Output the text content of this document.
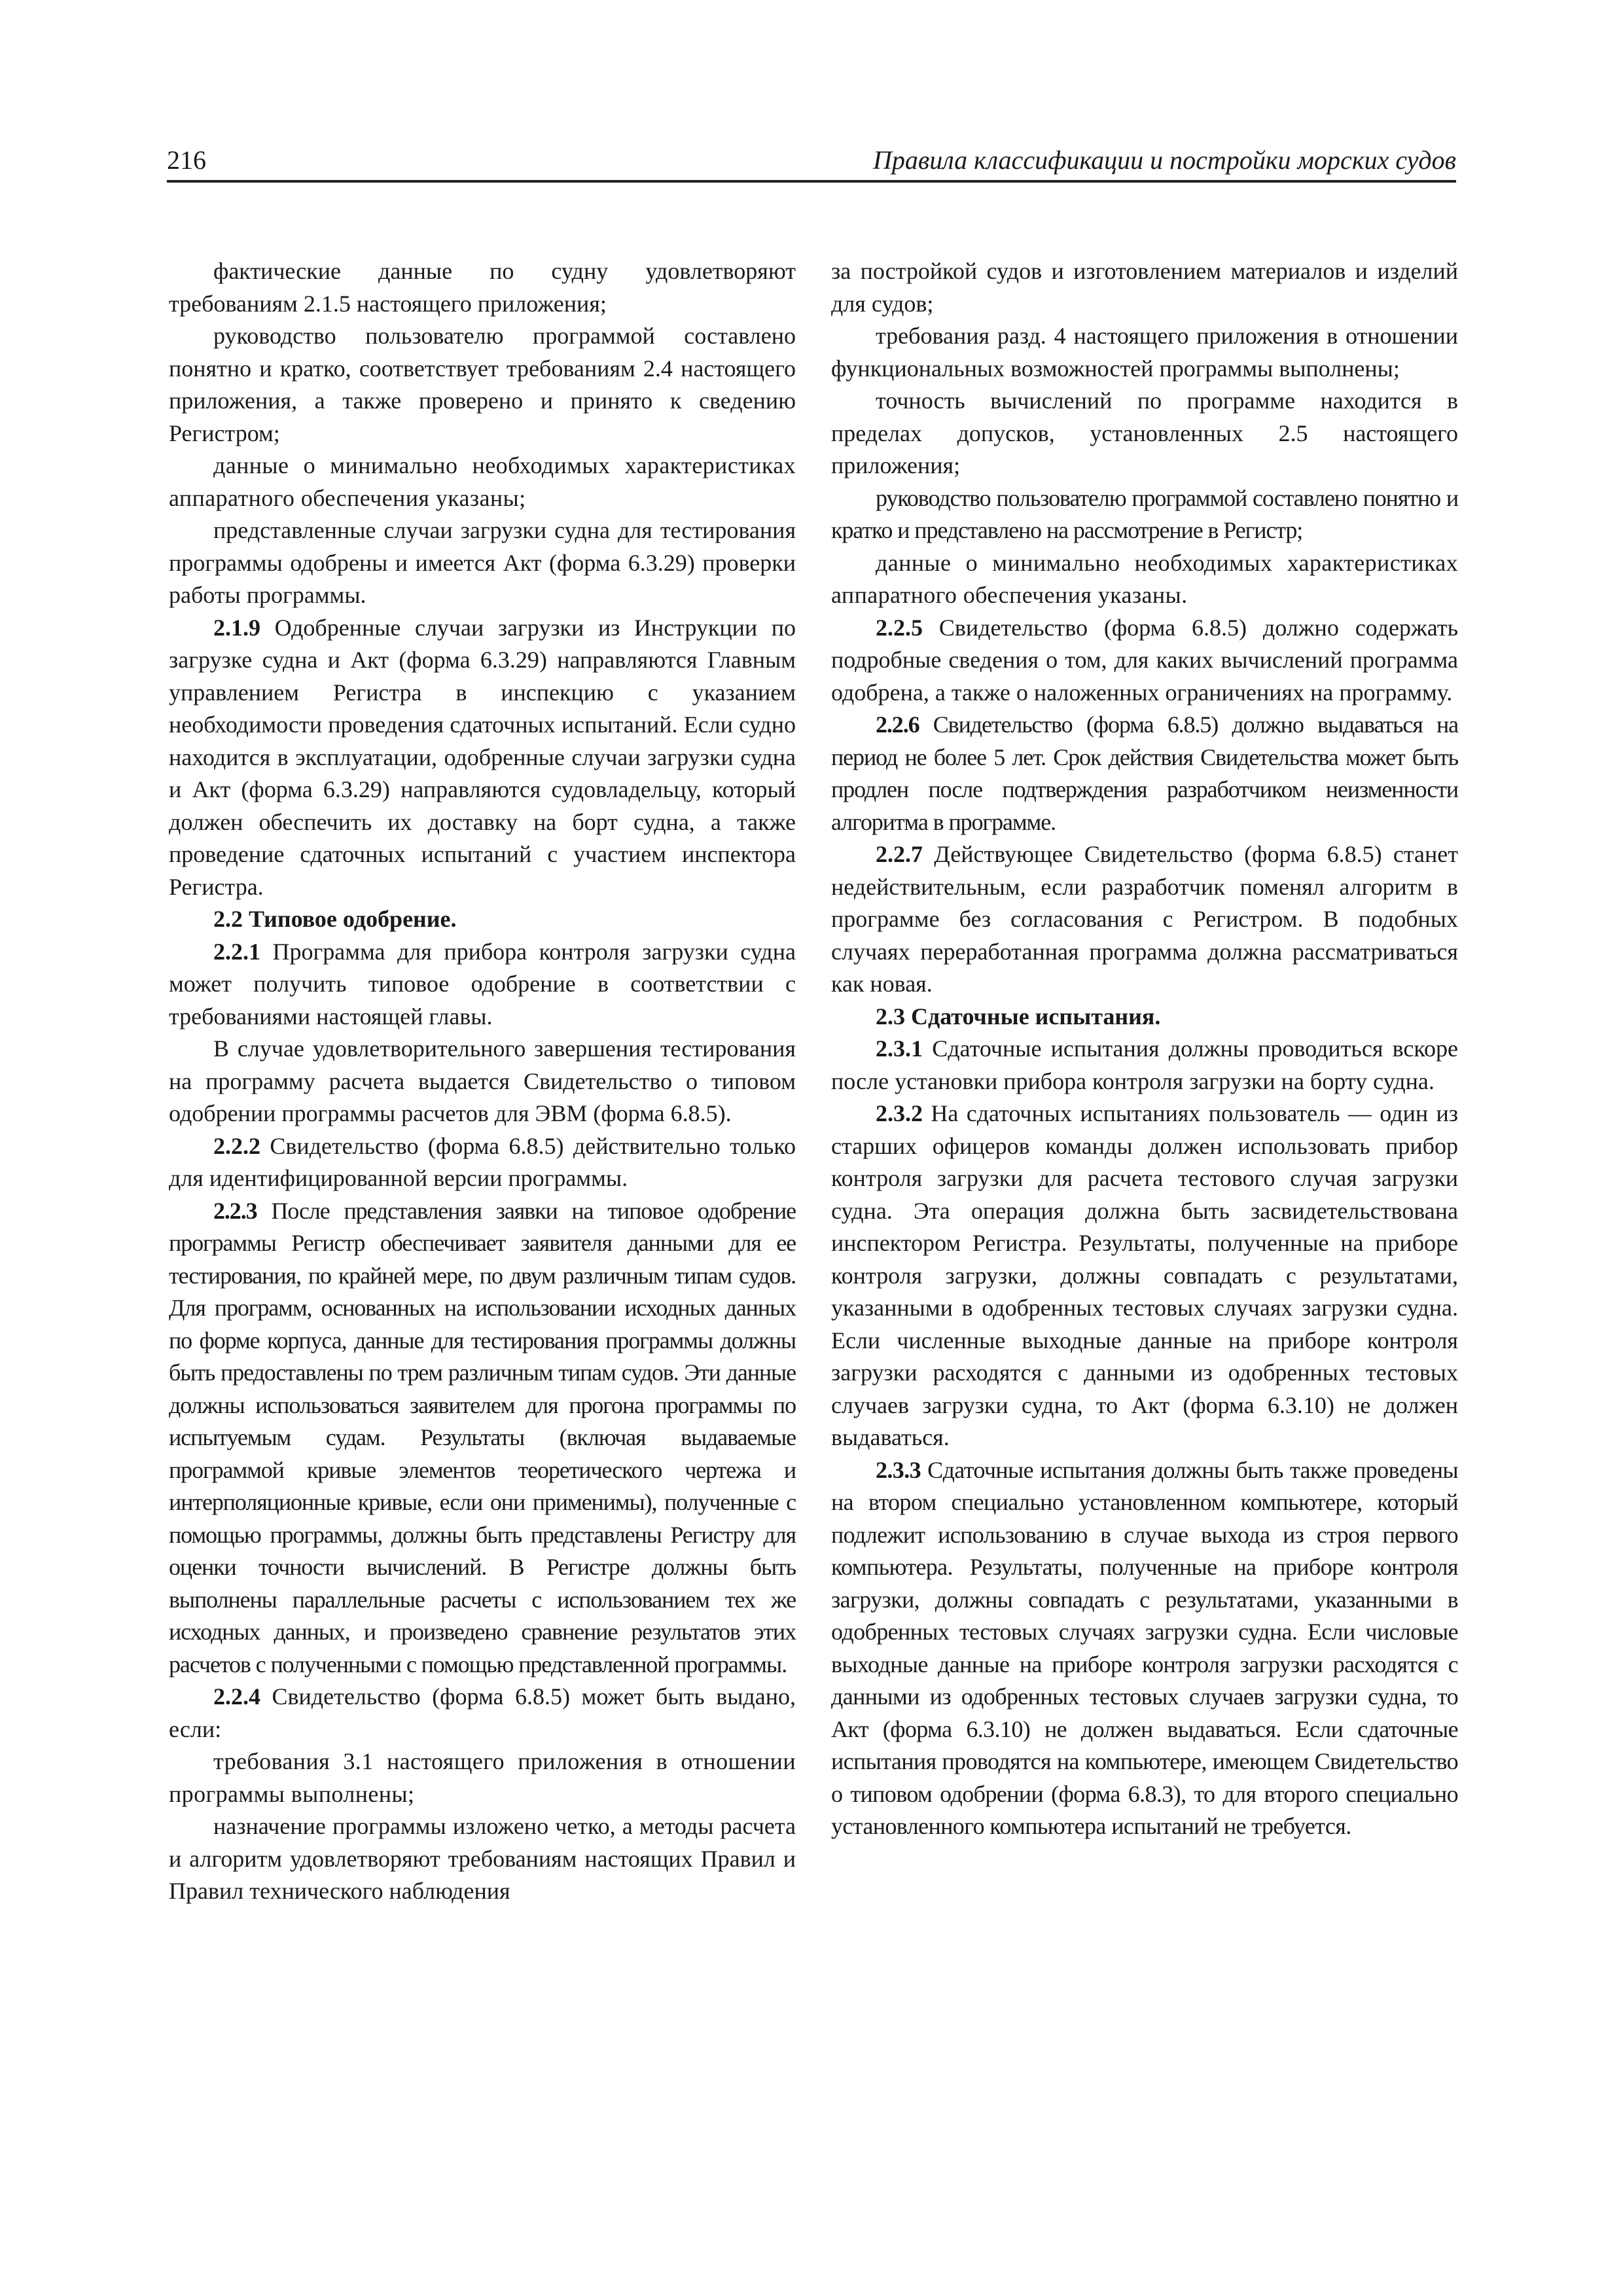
216	Правила классификации и постройки морских судов

фактические данные по судну удовлетворяют требованиям 2.1.5 настоящего приложения;

руководство пользователю программой составлено понятно и кратко, соответствует требованиям 2.4 настоящего приложения, а также проверено и принято к сведению Регистром;

данные о минимально необходимых характеристиках аппаратного обеспечения указаны;

представленные случаи загрузки судна для тестирования программы одобрены и имеется Акт (форма 6.3.29) проверки работы программы.

2.1.9 Одобренные случаи загрузки из Инструкции по загрузке судна и Акт (форма 6.3.29) направляются Главным управлением Регистра в инспекцию с указанием необходимости проведения сдаточных испытаний. Если судно находится в эксплуатации, одобренные случаи загрузки судна и Акт (форма 6.3.29) направляются судовладельцу, который должен обеспечить их доставку на борт судна, а также проведение сдаточных испытаний с участием инспектора Регистра.

2.2 Типовое одобрение.

2.2.1 Программа для прибора контроля загрузки судна может получить типовое одобрение в соответствии с требованиями настоящей главы.

В случае удовлетворительного завершения тестирования на программу расчета выдается Свидетельство о типовом одобрении программы расчетов для ЭВМ (форма 6.8.5).

2.2.2 Свидетельство (форма 6.8.5) действительно только для идентифицированной версии программы.

2.2.3 После представления заявки на типовое одобрение программы Регистр обеспечивает заявителя данными для ее тестирования, по крайней мере, по двум различным типам судов. Для программ, основанных на использовании исходных данных по форме корпуса, данные для тестирования программы должны быть предоставлены по трем различным типам судов. Эти данные должны использоваться заявителем для прогона программы по испытуемым судам. Результаты (включая выдаваемые программой кривые элементов теоретического чертежа и интерполяционные кривые, если они применимы), полученные с помощью программы, должны быть представлены Регистру для оценки точности вычислений. В Регистре должны быть выполнены параллельные расчеты с использованием тех же исходных данных, и произведено сравнение результатов этих расчетов с полученными с помощью представленной программы.

2.2.4 Свидетельство (форма 6.8.5) может быть выдано, если:

требования 3.1 настоящего приложения в отношении программы выполнены;

назначение программы изложено четко, а методы расчета и алгоритм удовлетворяют требованиям настоящих Правил и Правил технического наблюдения

за постройкой судов и изготовлением материалов и изделий для судов;

требования разд. 4 настоящего приложения в отношении функциональных возможностей программы выполнены;

точность вычислений по программе находится в пределах допусков, установленных 2.5 настоящего приложения;

руководство пользователю программой составлено понятно и кратко и представлено на рассмотрение в Регистр;

данные о минимально необходимых характеристиках аппаратного обеспечения указаны.

2.2.5 Свидетельство (форма 6.8.5) должно содержать подробные сведения о том, для каких вычислений программа одобрена, а также о наложенных ограничениях на программу.

2.2.6 Свидетельство (форма 6.8.5) должно выдаваться на период не более 5 лет. Срок действия Свидетельства может быть продлен после подтверждения разработчиком неизменности алгоритма в программе.

2.2.7 Действующее Свидетельство (форма 6.8.5) станет недействительным, если разработчик поменял алгоритм в программе без согласования с Регистром. В подобных случаях переработанная программа должна рассматриваться как новая.

2.3 Сдаточные испытания.

2.3.1 Сдаточные испытания должны проводиться вскоре после установки прибора контроля загрузки на борту судна.

2.3.2 На сдаточных испытаниях пользователь — один из старших офицеров команды должен использовать прибор контроля загрузки для расчета тестового случая загрузки судна. Эта операция должна быть засвидетельствована инспектором Регистра. Результаты, полученные на приборе контроля загрузки, должны совпадать с результатами, указанными в одобренных тестовых случаях загрузки судна. Если численные выходные данные на приборе контроля загрузки расходятся с данными из одобренных тестовых случаев загрузки судна, то Акт (форма 6.3.10) не должен выдаваться.

2.3.3 Сдаточные испытания должны быть также проведены на втором специально установленном компьютере, который подлежит использованию в случае выхода из строя первого компьютера. Результаты, полученные на приборе контроля загрузки, должны совпадать с результатами, указанными в одобренных тестовых случаях загрузки судна. Если числовые выходные данные на приборе контроля загрузки расходятся с данными из одобренных тестовых случаев загрузки судна, то Акт (форма 6.3.10) не должен выдаваться. Если сдаточные испытания проводятся на компьютере, имеющем Свидетельство о типовом одобрении (форма 6.8.3), то для второго специально установленного компьютера испытаний не требуется.
